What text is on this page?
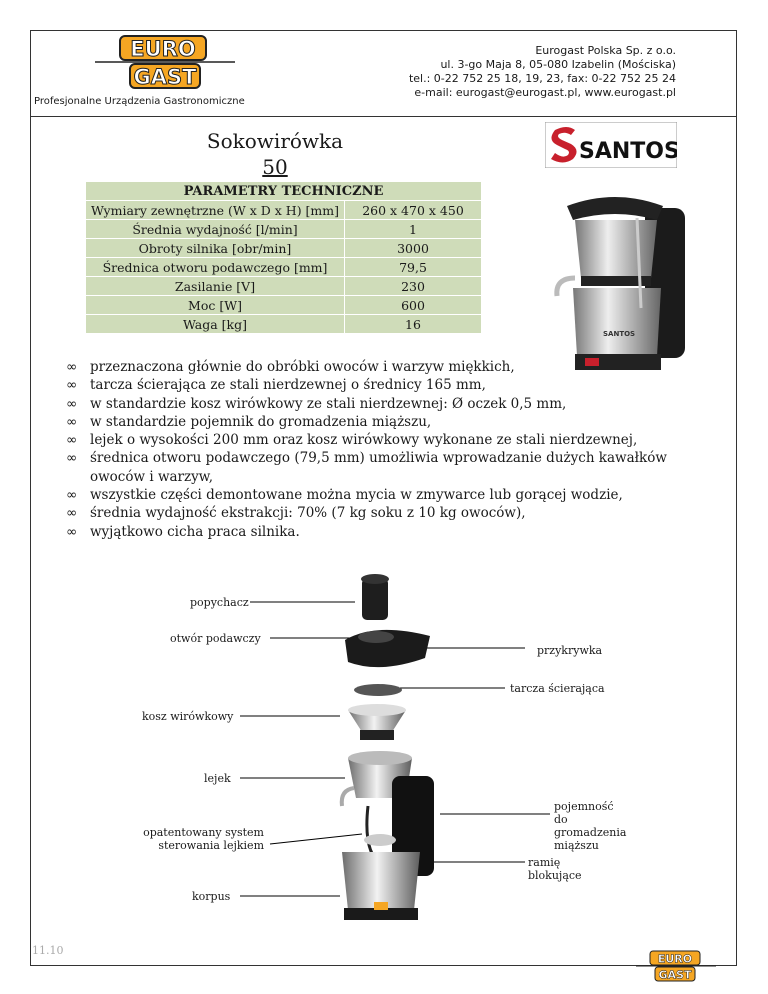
EURO
GAST
Profesjonalne Urządzenia Gastronomiczne
Eurogast Polska Sp. z o.o.
ul. 3-go Maja 8, 05-080 Izabelin (Mościska)
tel.: 0-22 752 25 18, 19, 23, fax: 0-22 752 25 24
e-mail: eurogast@eurogast.pl, www.eurogast.pl
Sokowirówka
50
SANTOS
PARAMETRY TECHNICZNE	
Wymiary zewnętrzne (W x D x H) [mm]	260 x 470 x 450
Średnia wydajność [l/min]	1
Obroty silnika [obr/min]	3000
Średnica otworu podawczego [mm]	79,5
Zasilanie [V]	230
Moc [W]	600
Waga [kg]	16
SANTOS
∞ przeznaczona głównie do obróbki owoców i warzyw miękkich,
∞ tarcza ścierająca ze stali nierdzewnej o średnicy 165 mm,
∞ w standardzie kosz wirówkowy ze stali nierdzewnej: Ø oczek 0,5 mm,
∞ w standardzie pojemnik do gromadzenia miąższu,
∞ lejek o wysokości 200 mm oraz kosz wirówkowy wykonane ze stali nierdzewnej,
∞ średnica otworu podawczego (79,5 mm) umożliwia wprowadzanie dużych kawałków owoców i warzyw,
∞ wszystkie części demontowane można mycia w zmywarce lub gorącej wodzie,
∞ średnia wydajność ekstrakcji: 70% (7 kg soku z 10 kg owoców),
∞ wyjątkowo cicha praca silnika.
popychacz
otwór podawczy
przykrywka
tarcza ścierająca
kosz wirówkowy
lejek
pojemność do
gromadzenia miąższu
opatentowany system
sterowania lejkiem
ramię blokujące
korpus
11.10
EURO
GAST
